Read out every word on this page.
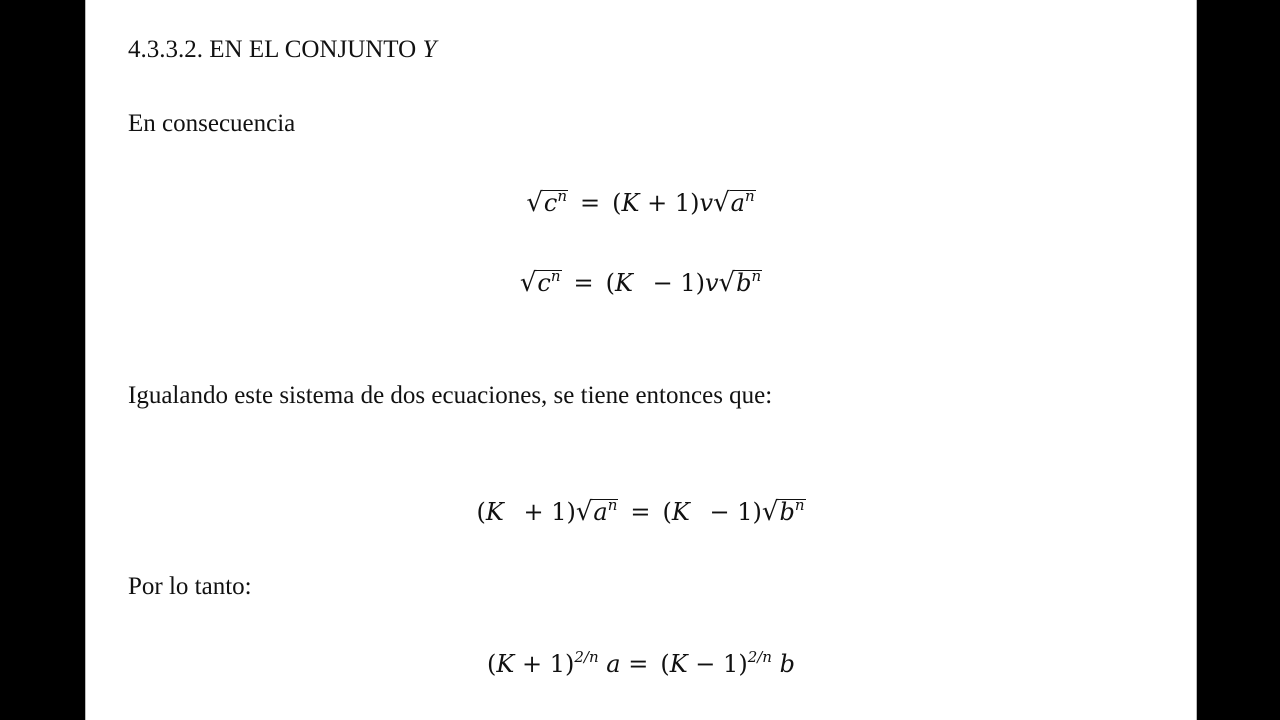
4.3.3.2. EN EL CONJUNTO Y
En consecuencia
$√c^n = (K + 1)v√a^n$
$√c^n = (K - 1)v√b^n$
Igualando este sistema de dos ecuaciones, se tiene entonces que:
$(K + 1)√a^n = (K - 1)√b^n$
Por lo tanto:
$(K + 1)^{2/n}$ $a = (K - 1)^{2/n}$ b
